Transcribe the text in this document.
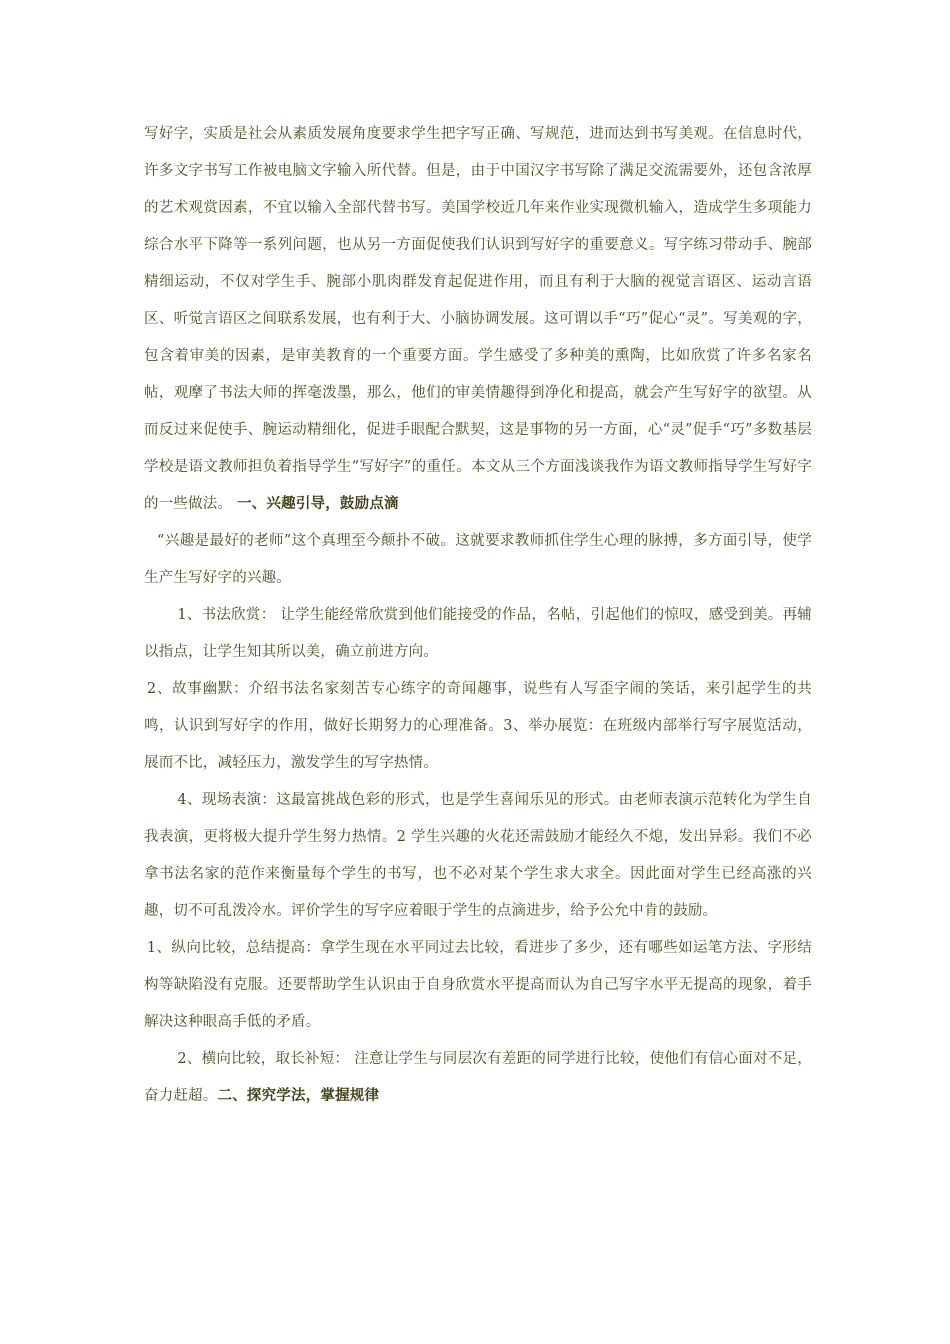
写好字，实质是社会从素质发展角度要求学生把字写正确、写规范，进而达到书写美观。在信息时代，许多文字书写工作被电脑文字输入所代替。但是，由于中国汉字书写除了满足交流需要外，还包含浓厚的艺术观赏因素，不宜以输入全部代替书写。美国学校近几年来作业实现微机输入，造成学生多项能力综合水平下降等一系列问题，也从另一方面促使我们认识到写好字的重要意义。写字练习带动手、腕部精细运动，不仅对学生手、腕部小肌肉群发育起促进作用，而且有利于大脑的视觉言语区、运动言语区、听觉言语区之间联系发展，也有利于大、小脑协调发展。这可谓以手“巧”促心“灵”。写美观的字，包含着审美的因素，是审美教育的一个重要方面。学生感受了多种美的熏陶，比如欣赏了许多名家名帖，观摩了书法大师的挥毫泼墨，那么，他们的审美情趣得到净化和提高，就会产生写好字的欲望。从而反过来促使手、腕运动精细化，促进手眼配合默契，这是事物的另一方面，心“灵”促手“巧”多数基层学校是语文教师担负着指导学生“写好字”的重任。本文从三个方面浅谈我作为语文教师指导学生写好字的一些做法。 一、兴趣引导，鼓励点滴

“兴趣是最好的老师”这个真理至今颠扑不破。这就要求教师抓住学生心理的脉搏，多方面引导，使学生产生写好字的兴趣。

1、书法欣赏： 让学生能经常欣赏到他们能接受的作品，名帖，引起他们的惊叹，感受到美。再辅以指点，让学生知其所以美，确立前进方向。

2、故事幽默：介绍书法名家刻苦专心练字的奇闻趣事，说些有人写歪字闹的笑话，来引起学生的共鸣，认识到写好字的作用，做好长期努力的心理准备。3、举办展览：在班级内部举行写字展览活动，展而不比，减轻压力，激发学生的写字热情。

4、现场表演：这最富挑战色彩的形式，也是学生喜闻乐见的形式。由老师表演示范转化为学生自我表演，更将极大提升学生努力热情。2 学生兴趣的火花还需鼓励才能经久不熄，发出异彩。我们不必拿书法名家的范作来衡量每个学生的书写，也不必对某个学生求大求全。因此面对学生已经高涨的兴趣，切不可乱泼冷水。评价学生的写字应着眼于学生的点滴进步，给予公允中肯的鼓励。

1、纵向比较，总结提高：拿学生现在水平同过去比较，看进步了多少，还有哪些如运笔方法、字形结构等缺陷没有克服。还要帮助学生认识由于自身欣赏水平提高而认为自己写字水平无提高的现象，着手解决这种眼高手低的矛盾。

2、横向比较，取长补短： 注意让学生与同层次有差距的同学进行比较，使他们有信心面对不足，奋力赶超。二、探究学法，掌握规律
